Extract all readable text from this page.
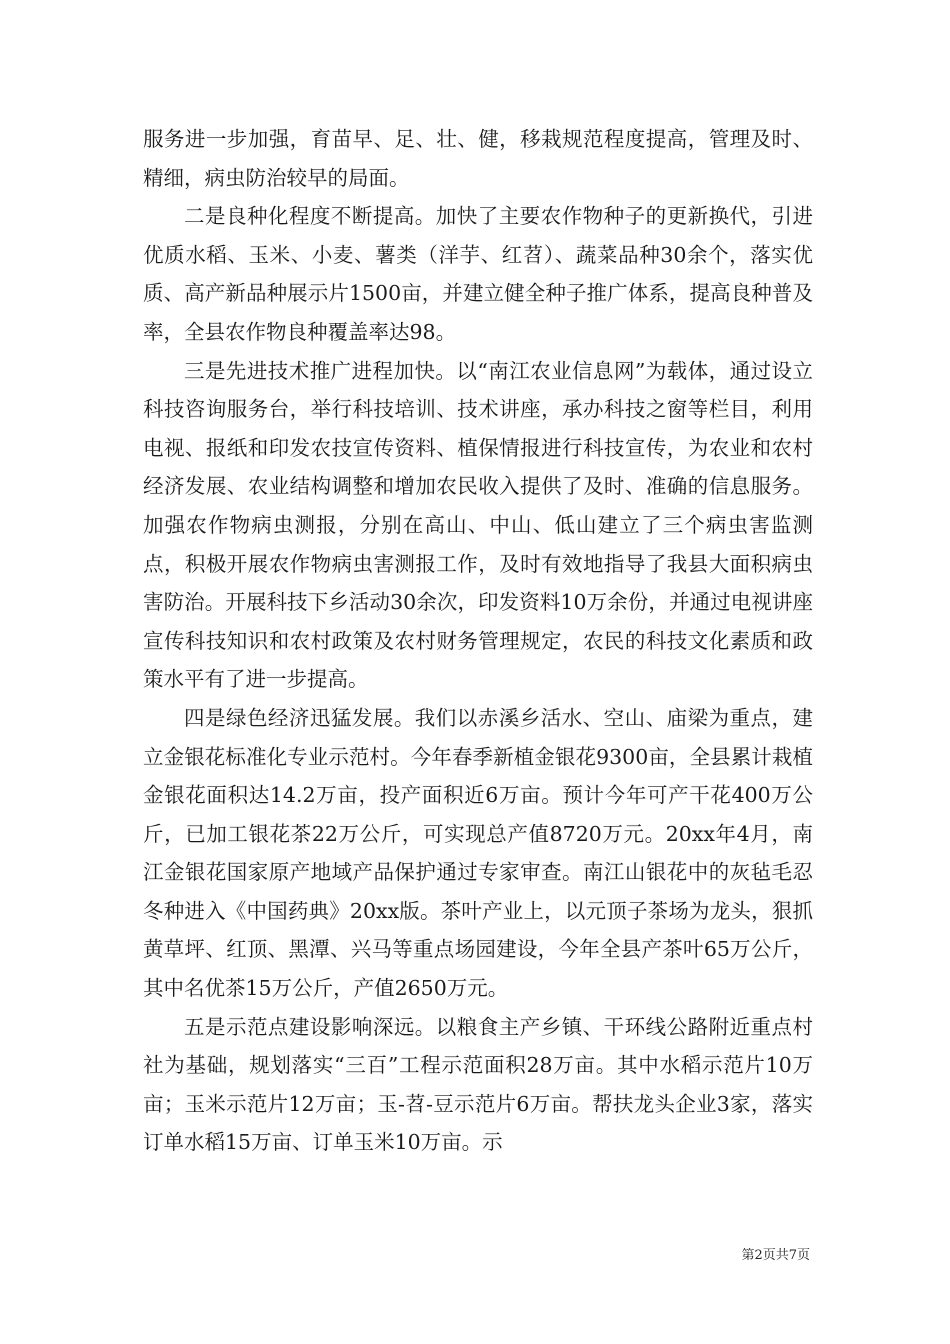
服务进一步加强，育苗早、足、壮、健，移栽规范程度提高，管理及时、精细，病虫防治较早的局面。

二是良种化程度不断提高。加快了主要农作物种子的更新换代，引进优质水稻、玉米、小麦、薯类（洋芋、红苕）、蔬菜品种30余个，落实优质、高产新品种展示片1500亩，并建立健全种子推广体系，提高良种普及率，全县农作物良种覆盖率达98。

三是先进技术推广进程加快。以“南江农业信息网”为载体，通过设立科技咨询服务台，举行科技培训、技术讲座，承办科技之窗等栏目，利用电视、报纸和印发农技宣传资料、植保情报进行科技宣传，为农业和农村经济发展、农业结构调整和增加农民收入提供了及时、准确的信息服务。加强农作物病虫测报，分别在高山、中山、低山建立了三个病虫害监测点，积极开展农作物病虫害测报工作，及时有效地指导了我县大面积病虫害防治。开展科技下乡活动30余次，印发资料10万余份，并通过电视讲座宣传科技知识和农村政策及农村财务管理规定，农民的科技文化素质和政策水平有了进一步提高。

四是绿色经济迅猛发展。我们以赤溪乡活水、空山、庙梁为重点，建立金银花标准化专业示范村。今年春季新植金银花9300亩，全县累计栽植金银花面积达14.2万亩，投产面积近6万亩。预计今年可产干花400万公斤，已加工银花茶22万公斤，可实现总产值8720万元。20xx年4月，南江金银花国家原产地域产品保护通过专家审查。南江山银花中的灰毡毛忍冬种进入《中国药典》20xx版。茶叶产业上，以元顶子茶场为龙头，狠抓黄草坪、红顶、黑潭、兴马等重点场园建设，今年全县产茶叶65万公斤，其中名优茶15万公斤，产值2650万元。

五是示范点建设影响深远。以粮食主产乡镇、干环线公路附近重点村社为基础，规划落实“三百”工程示范面积28万亩。其中水稻示范片10万亩；玉米示范片12万亩；玉-苕-豆示范片6万亩。帮扶龙头企业3家，落实订单水稻15万亩、订单玉米10万亩。示

第2页共7页
